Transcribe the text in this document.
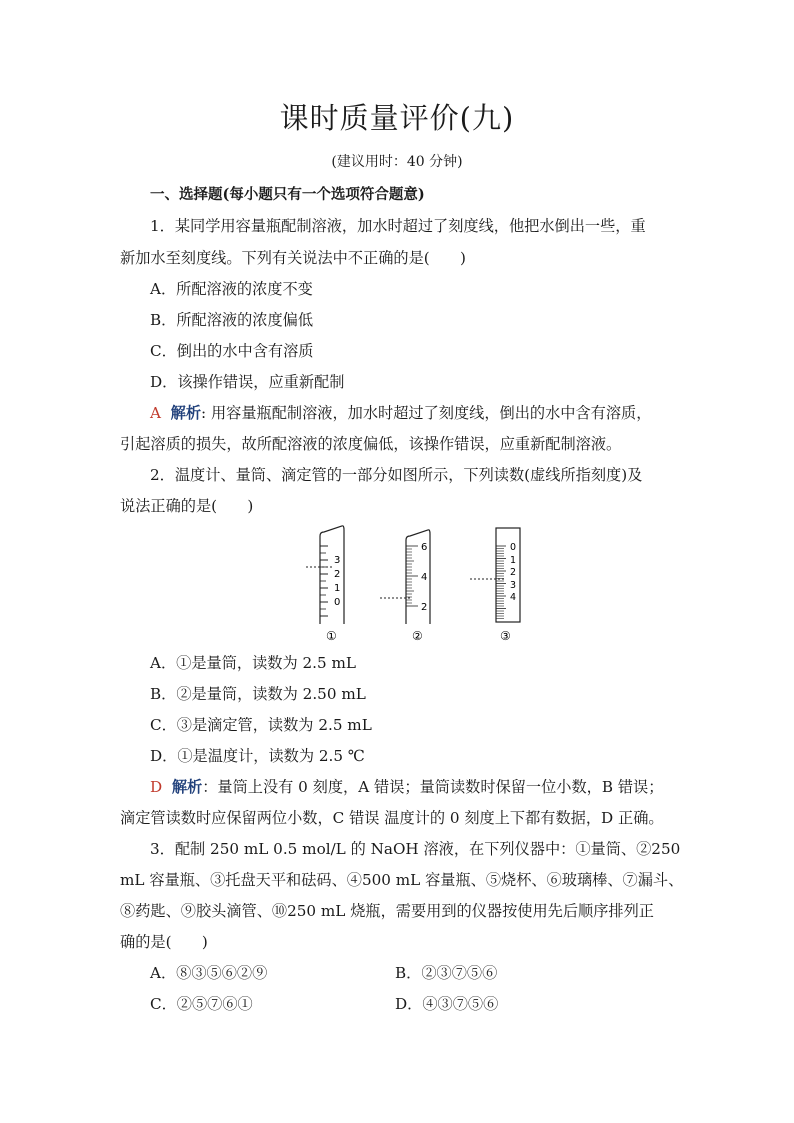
课时质量评价(九)
(建议用时：40 分钟)
一、选择题(每小题只有一个选项符合题意)
1．某同学用容量瓶配制溶液，加水时超过了刻度线，他把水倒出一些，重
新加水至刻度线。下列有关说法中不正确的是(　　)
A．所配溶液的浓度不变
B．所配溶液的浓度偏低
C．倒出的水中含有溶质
D．该操作错误，应重新配制
A 解析: 用容量瓶配制溶液，加水时超过了刻度线，倒出的水中含有溶质，
引起溶质的损失，故所配溶液的浓度偏低，该操作错误，应重新配制溶液。
2．温度计、量筒、滴定管的一部分如图所示，下列读数(虚线所指刻度)及
说法正确的是(　　)
3
2
1
0
6
4
2
0
1
2
3
4
①	②	③
A．①是量筒，读数为 2.5 mL
B．②是量筒，读数为 2.50 mL
C．③是滴定管，读数为 2.5 mL
D．①是温度计，读数为 2.5 ℃
D 解析：量筒上没有 0 刻度，A 错误；量筒读数时保留一位小数，B 错误；
滴定管读数时应保留两位小数，C 错误 温度计的 0 刻度上下都有数据，D 正确。
3．配制 250 mL 0.5 mol/L 的 NaOH 溶液，在下列仪器中：①量筒、②250
mL 容量瓶、③托盘天平和砝码、④500 mL 容量瓶、⑤烧杯、⑥玻璃棒、⑦漏斗、
⑧药匙、⑨胶头滴管、⑩250 mL 烧瓶，需要用到的仪器按使用先后顺序排列正
确的是(　　)
A．⑧③⑤⑥②⑨	B．②③⑦⑤⑥
C．②⑤⑦⑥①	D．④③⑦⑤⑥
